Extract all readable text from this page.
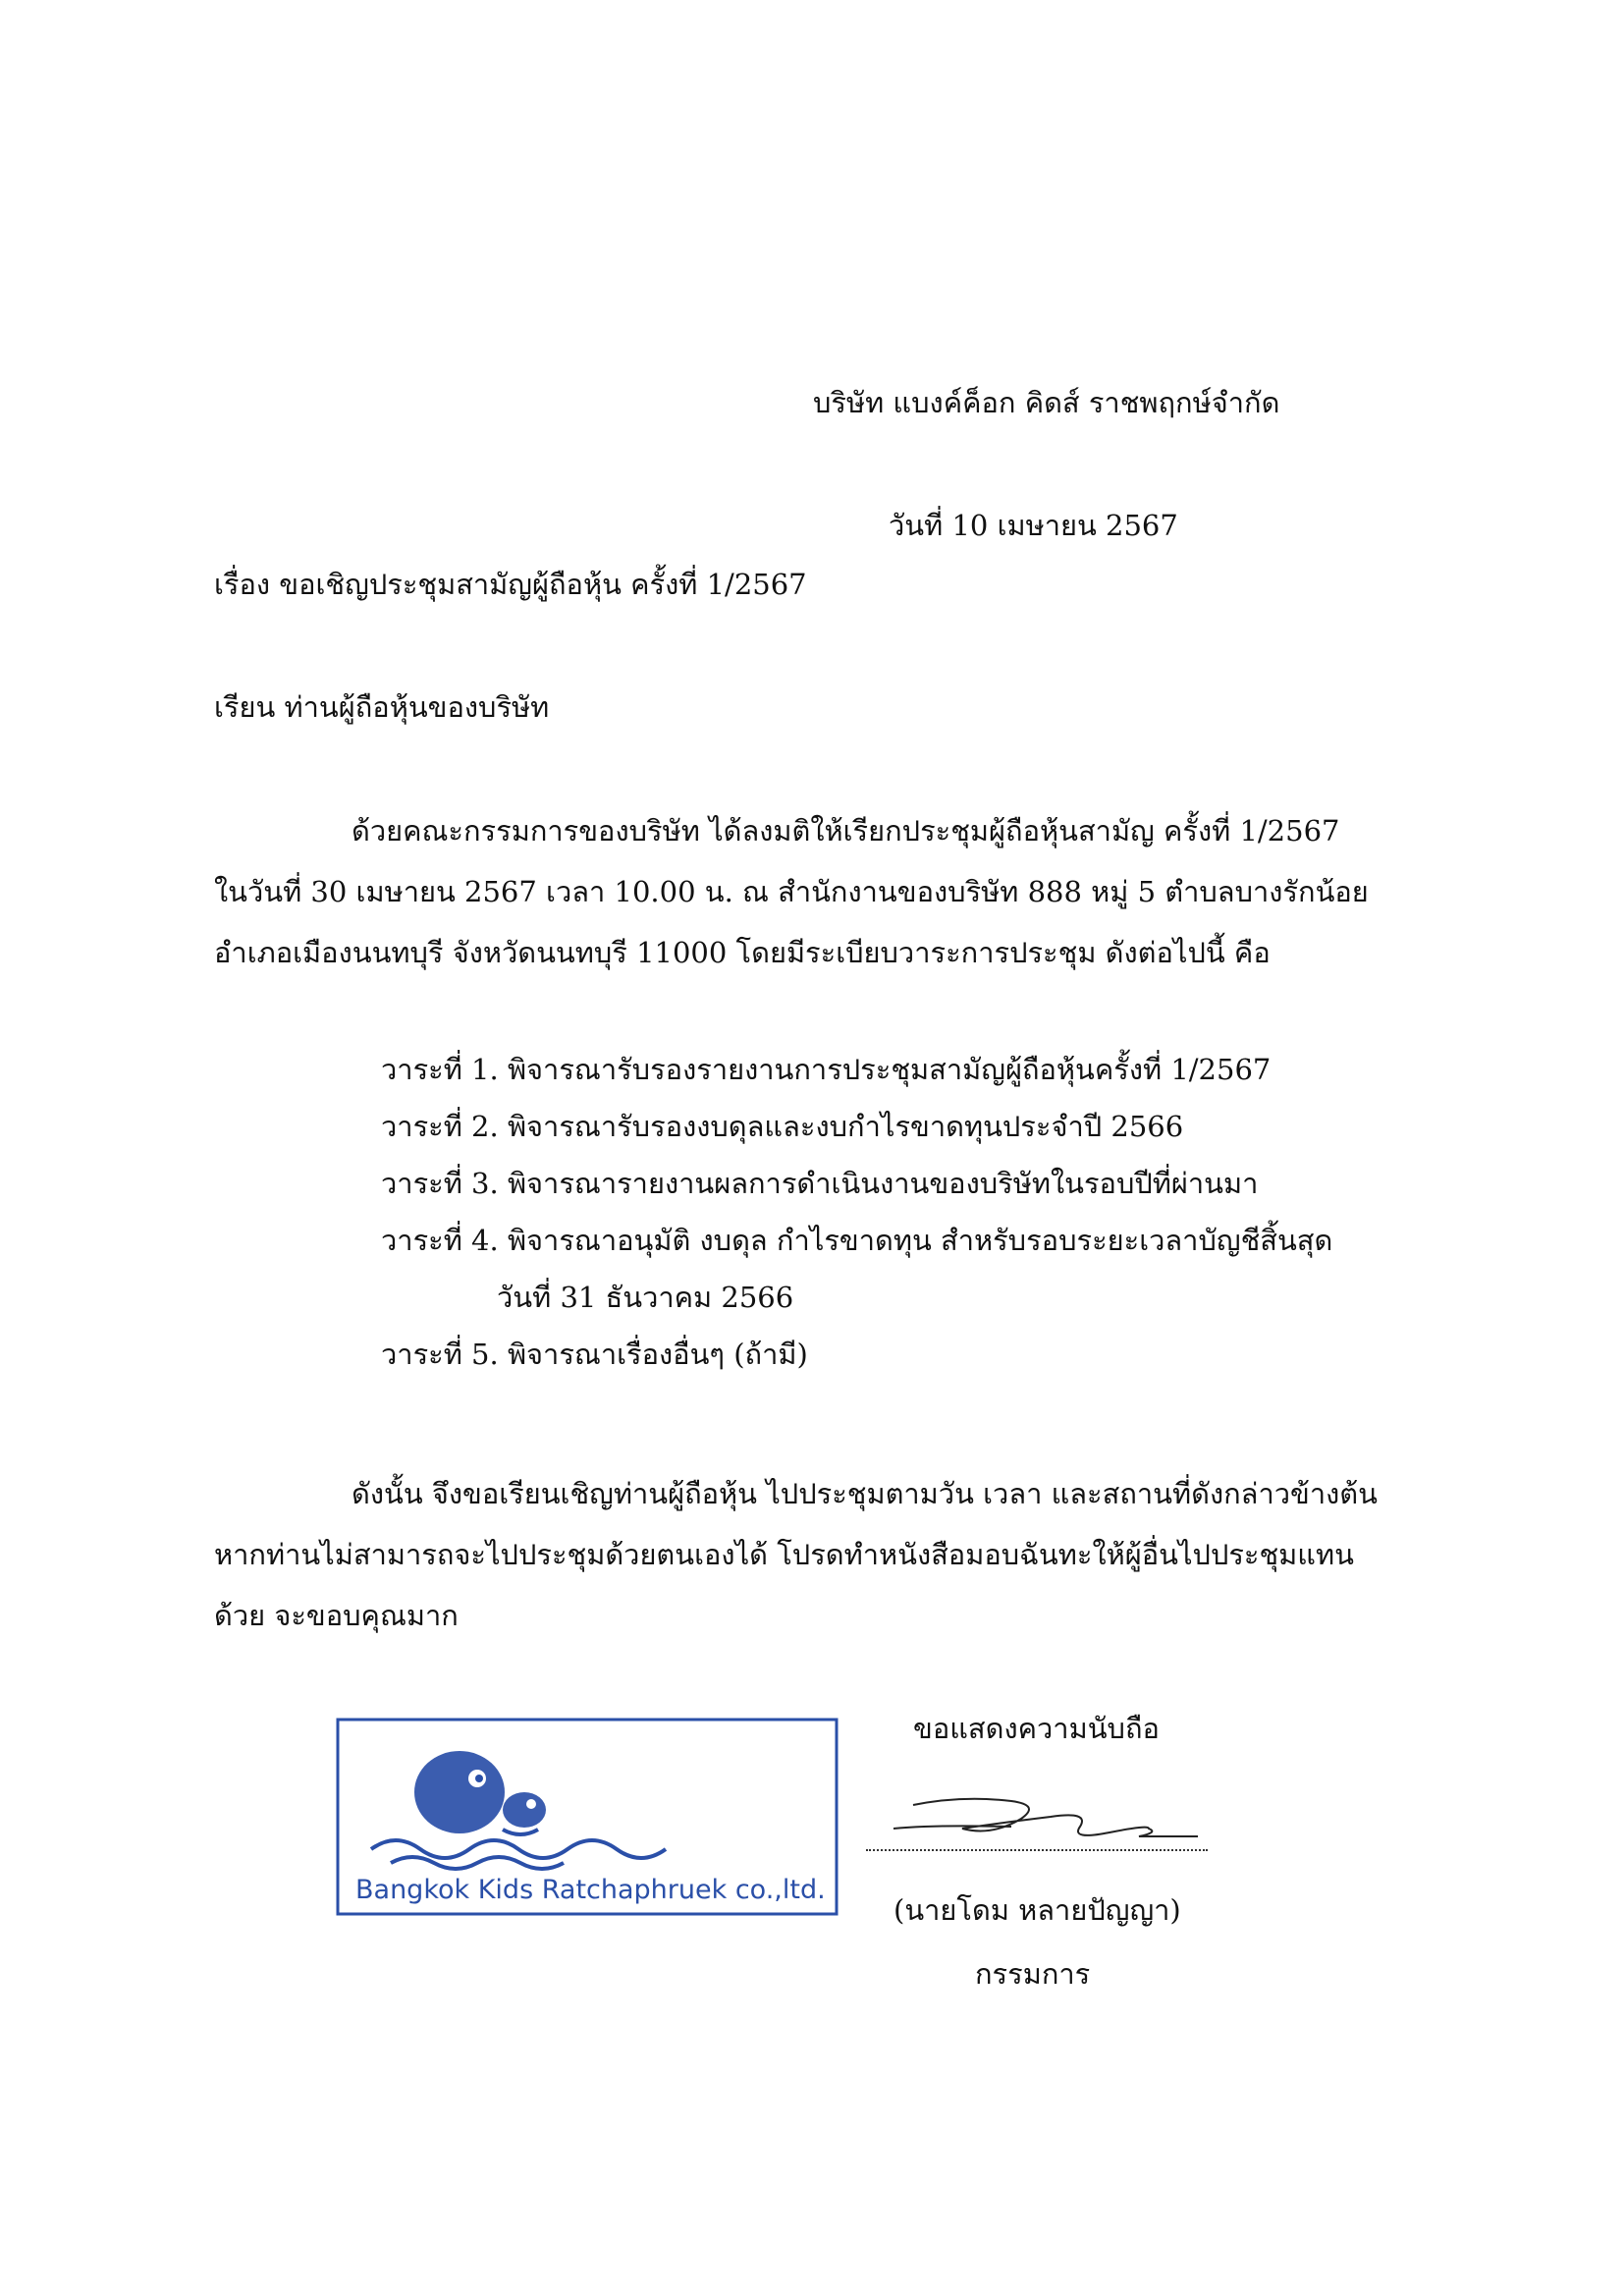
บริษัท แบงค์ค็อก คิดส์ ราชพฤกษ์จำกัด
วันที่ 10 เมษายน 2567
เรื่อง ขอเชิญประชุมสามัญผู้ถือหุ้น ครั้งที่ 1/2567
เรียน ท่านผู้ถือหุ้นของบริษัท
ด้วยคณะกรรมการของบริษัท ได้ลงมติให้เรียกประชุมผู้ถือหุ้นสามัญ ครั้งที่ 1/2567
ในวันที่ 30 เมษายน 2567 เวลา 10.00 น. ณ สำนักงานของบริษัท 888 หมู่ 5 ตำบลบางรักน้อย
อำเภอเมืองนนทบุรี จังหวัดนนทบุรี 11000 โดยมีระเบียบวาระการประชุม ดังต่อไปนี้ คือ
วาระที่ 1. พิจารณารับรองรายงานการประชุมสามัญผู้ถือหุ้นครั้งที่ 1/2567
วาระที่ 2. พิจารณารับรองงบดุลและงบกำไรขาดทุนประจำปี 2566
วาระที่ 3. พิจารณารายงานผลการดำเนินงานของบริษัทในรอบปีที่ผ่านมา
วาระที่ 4. พิจารณาอนุมัติ งบดุล กำไรขาดทุน สำหรับรอบระยะเวลาบัญชีสิ้นสุด
วันที่ 31 ธันวาคม 2566
วาระที่ 5. พิจารณาเรื่องอื่นๆ (ถ้ามี)
ดังนั้น จึงขอเรียนเชิญท่านผู้ถือหุ้น ไปประชุมตามวัน เวลา และสถานที่ดังกล่าวข้างต้น
หากท่านไม่สามารถจะไปประชุมด้วยตนเองได้ โปรดทำหนังสือมอบฉันทะให้ผู้อื่นไปประชุมแทน
ด้วย จะขอบคุณมาก
Bangkok Kids Ratchaphruek co.,ltd.
ขอแสดงความนับถือ
(นายโดม หลายปัญญา)
กรรมการ
